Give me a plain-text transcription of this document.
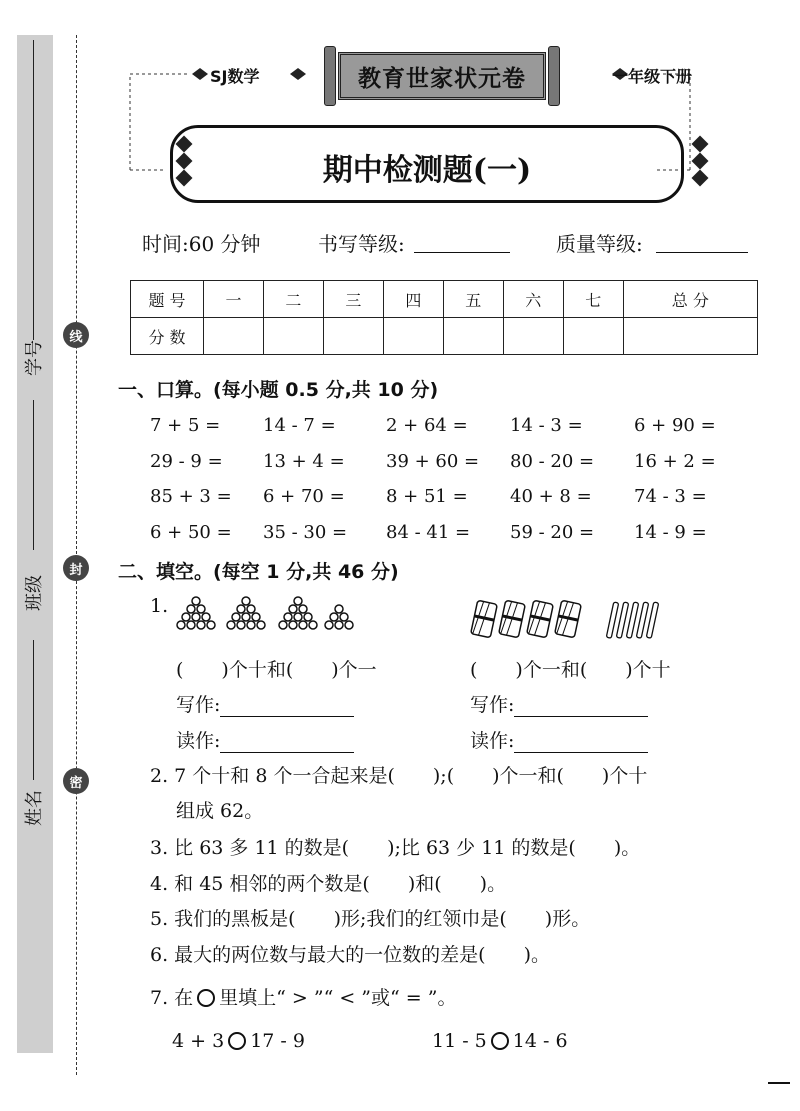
学号
班级
姓名
线
封
密
SJ数学	一年级下册
教育世家状元卷
期中检测题(一)
时间:60 分钟	书写等级:	质量等级:
题 号	一	二	三	四	五	六	七	总 分
分 数								
一、口算。(每小题 0.5 分,共 10 分)
7 + 5 = 14 - 7 =	2 + 64 = 14 - 3 =	6 + 90 =
29 - 9 = 13 + 4 = 39 + 60 = 80 - 20 = 16 + 2 =
85 + 3 = 6 + 70 = 8 + 51 = 40 + 8 = 74 - 3 =
6 + 50 = 35 - 30 = 84 - 41 = 59 - 20 = 14 - 9 =
二、填空。(每空 1 分,共 46 分)
1.
(　　)个十和(　　)个一	(　　)个一和(　　)个十
写作:	写作:
读作:	读作:
2. 7 个十和 8 个一合起来是(　　);(　　)个一和(　　)个十
组成 62。
3. 比 63 多 11 的数是(　　);比 63 少 11 的数是(　　)。
4. 和 45 相邻的两个数是(　　)和(　　)。
5. 我们的黑板是(　　)形;我们的红领巾是(　　)形。
6. 最大的两位数与最大的一位数的差是(　　)。
7. 在 里填上“ > ”“ < ”或“ = ”。
4 + 3 17 - 9	11 - 5 14 - 6
